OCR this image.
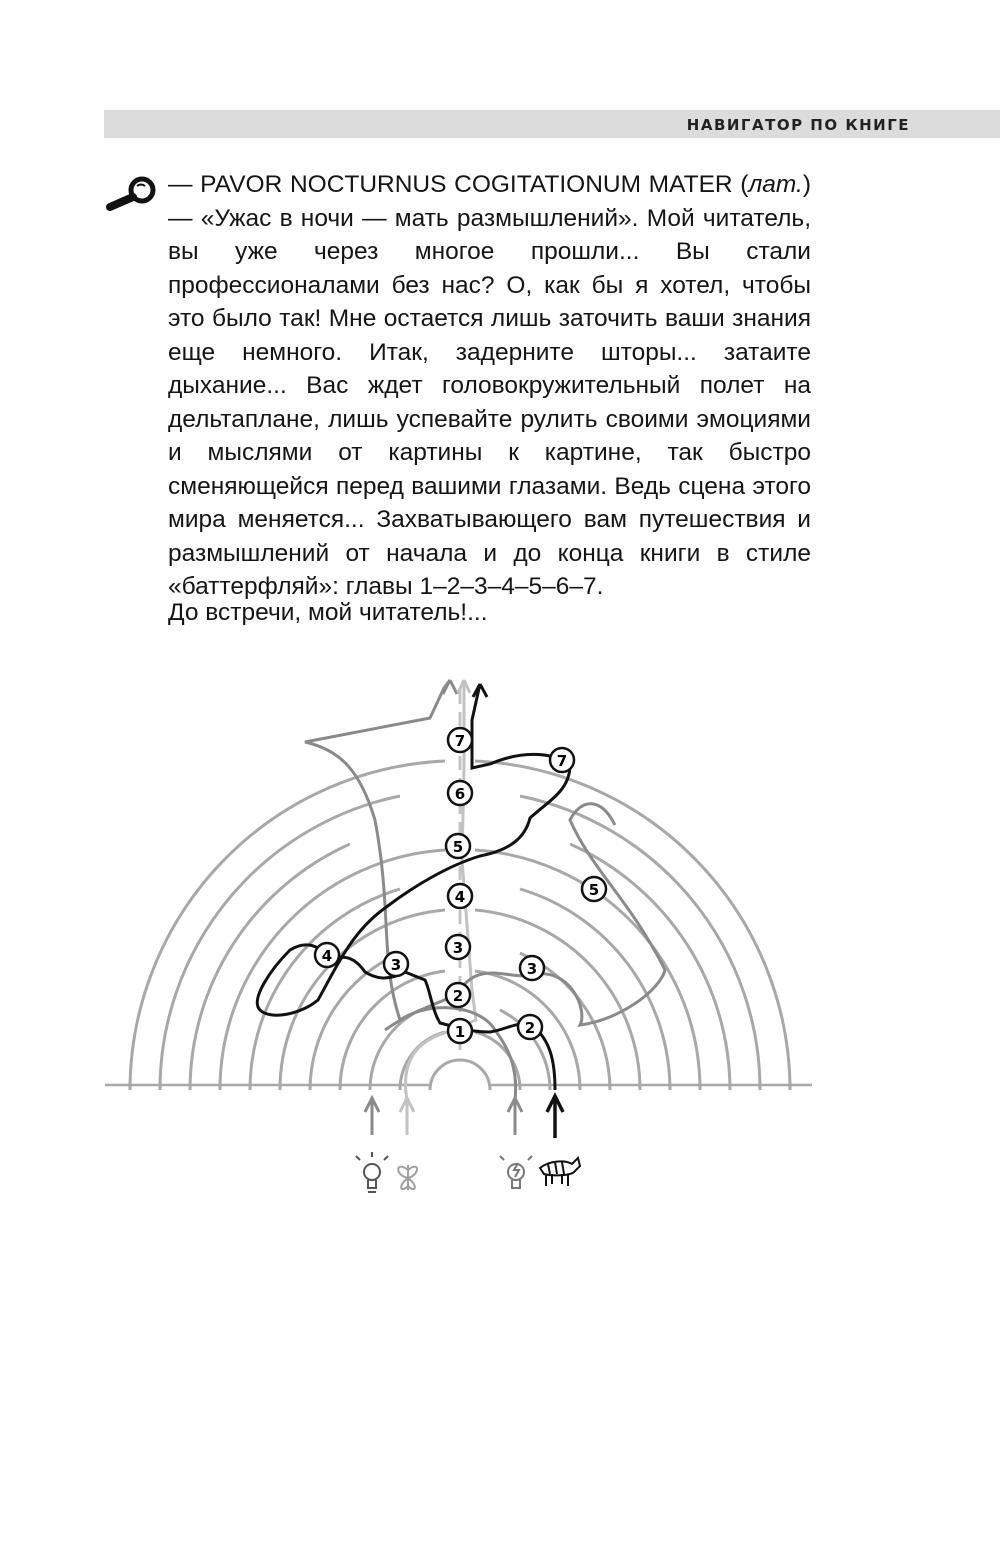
НАВИГАТОР ПО КНИГЕ

— PAVOR NOCTURNUS COGITATIONUM MATER (лат.) — «Ужас в ночи — мать размышлений». Мой читатель, вы уже через многое прошли... Вы стали профессионалами без нас? О, как бы я хотел, чтобы это было так! Мне остается лишь заточить ваши знания еще немного. Итак, задерните шторы... затаите дыхание... Вас ждет головокружительный полет на дельтаплане, лишь успевайте рулить своими эмоциями и мыслями от картины к картине, так быстро сменяющейся перед вашими глазами. Ведь сцена этого мира меняется... Захватывающего вам путешествия и размышлений от начала и до конца книги в стиле «баттерфляй»: главы 1–2–3–4–5–6–7.

До встречи, мой читатель!...

7
7
6
5
5
4
4	3
3	3
2
2
1
